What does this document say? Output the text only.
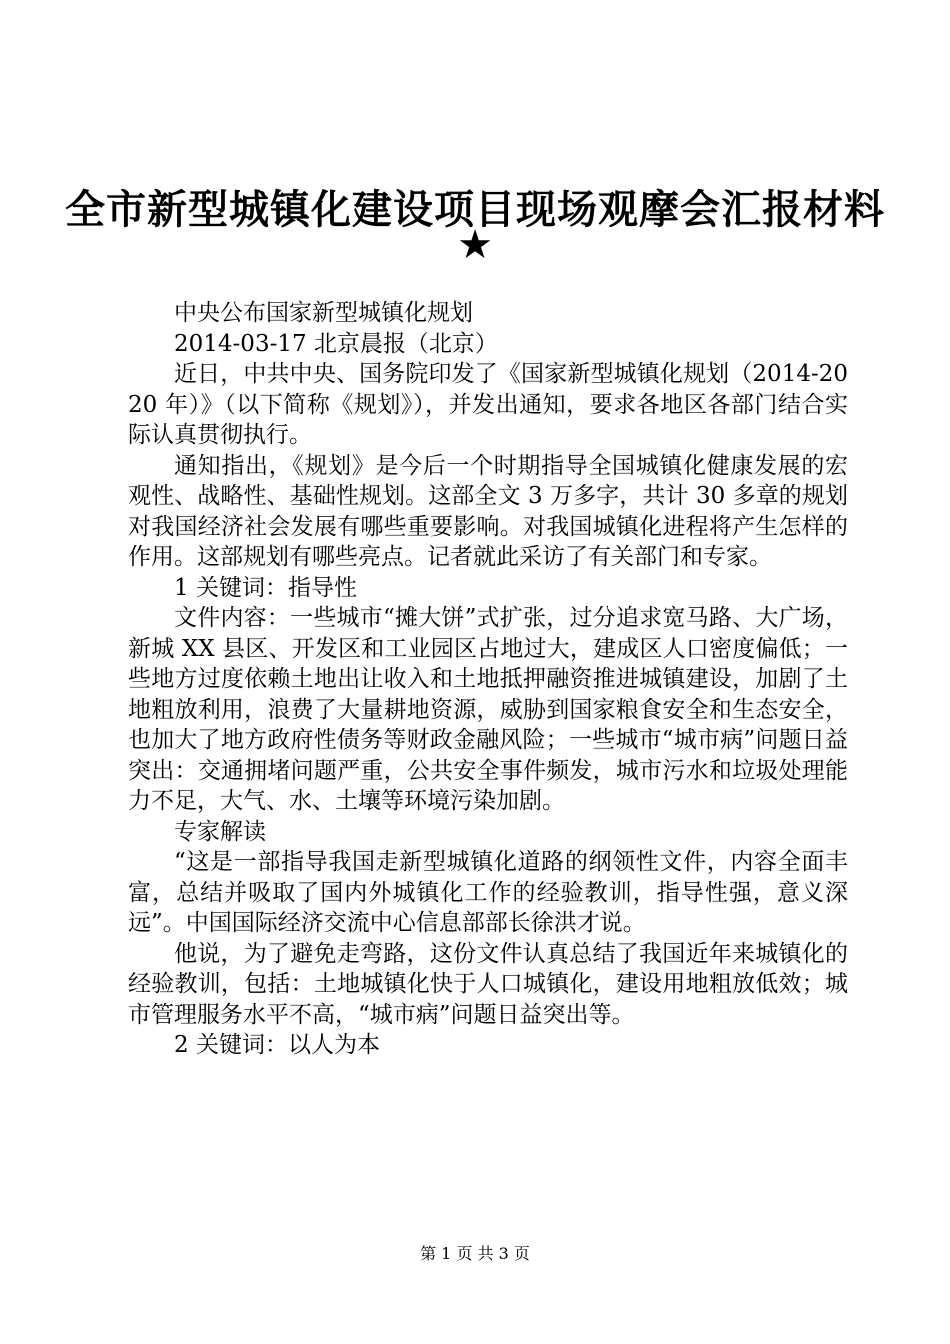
全市新型城镇化建设项目现场观摩会汇报材料
★

中央公布国家新型城镇化规划

2014-03-17 北京晨报（北京）

近日，中共中央、国务院印发了《国家新型城镇化规划（2014-2020 年）》（以下简称《规划》），并发出通知，要求各地区各部门结合实际认真贯彻执行。

通知指出，《规划》是今后一个时期指导全国城镇化健康发展的宏观性、战略性、基础性规划。这部全文 3 万多字，共计 30 多章的规划对我国经济社会发展有哪些重要影响。对我国城镇化进程将产生怎样的作用。这部规划有哪些亮点。记者就此采访了有关部门和专家。

1 关键词：指导性

文件内容：一些城市“摊大饼”式扩张，过分追求宽马路、大广场，新城 XX 县区、开发区和工业园区占地过大，建成区人口密度偏低；一些地方过度依赖土地出让收入和土地抵押融资推进城镇建设，加剧了土地粗放利用，浪费了大量耕地资源，威胁到国家粮食安全和生态安全，也加大了地方政府性债务等财政金融风险；一些城市“城市病”问题日益突出：交通拥堵问题严重，公共安全事件频发，城市污水和垃圾处理能力不足，大气、水、土壤等环境污染加剧。

专家解读

“这是一部指导我国走新型城镇化道路的纲领性文件，内容全面丰富，总结并吸取了国内外城镇化工作的经验教训，指导性强，意义深远”。中国国际经济交流中心信息部部长徐洪才说。

他说，为了避免走弯路，这份文件认真总结了我国近年来城镇化的经验教训，包括：土地城镇化快于人口城镇化，建设用地粗放低效；城市管理服务水平不高，“城市病”问题日益突出等。

2 关键词：以人为本

第 1 页 共 3 页
